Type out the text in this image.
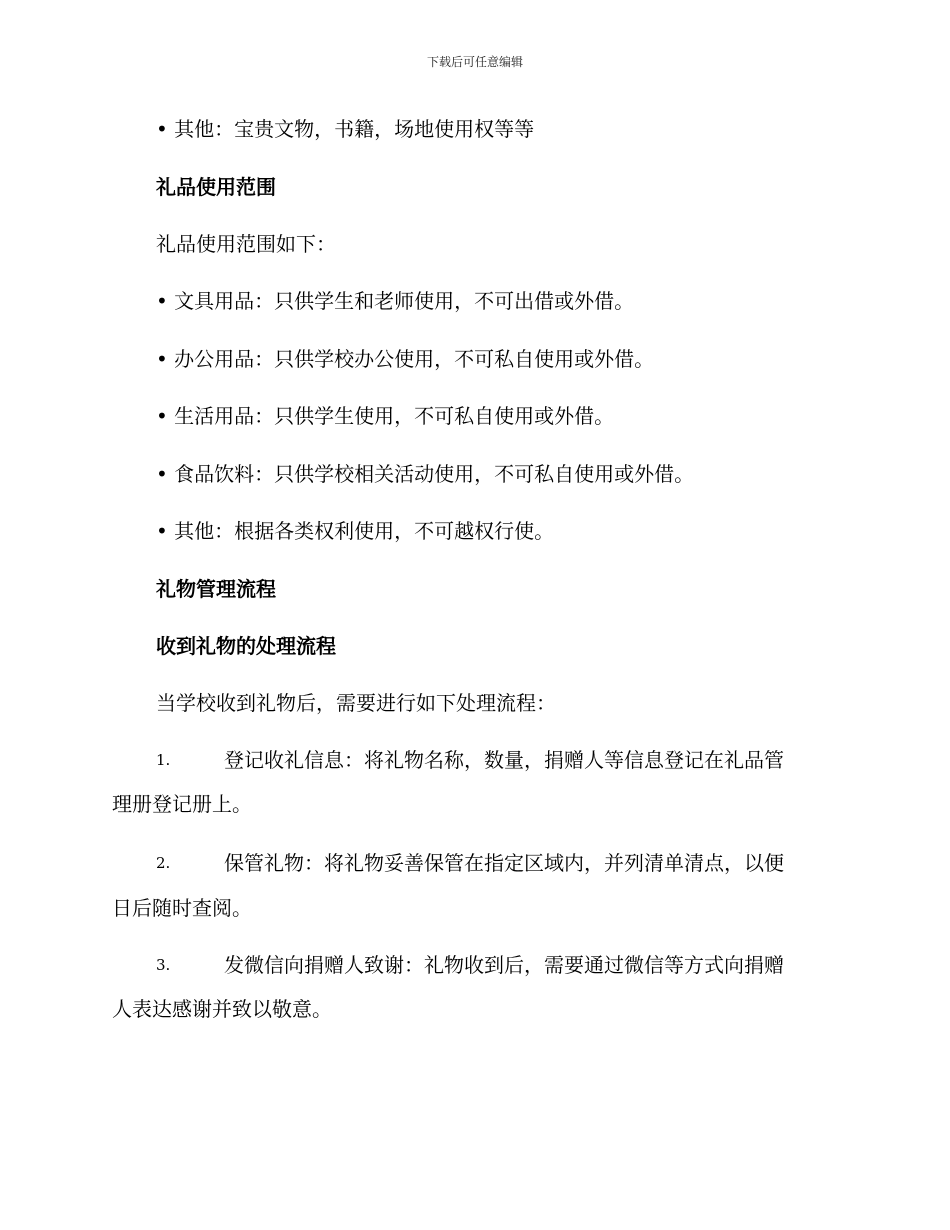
下载后可任意编辑
• 其他：宝贵文物，书籍，场地使用权等等
礼品使用范围
礼品使用范围如下：
• 文具用品：只供学生和老师使用，不可出借或外借。
• 办公用品：只供学校办公使用，不可私自使用或外借。
• 生活用品：只供学生使用，不可私自使用或外借。
• 食品饮料：只供学校相关活动使用，不可私自使用或外借。
• 其他：根据各类权利使用，不可越权行使。
礼物管理流程
收到礼物的处理流程
当学校收到礼物后，需要进行如下处理流程：
1.	登记收礼信息：将礼物名称，数量，捐赠人等信息登记在礼品管
理册登记册上。
2.	保管礼物：将礼物妥善保管在指定区域内，并列清单清点，以便
日后随时查阅。
3.	发微信向捐赠人致谢：礼物收到后，需要通过微信等方式向捐赠
人表达感谢并致以敬意。
